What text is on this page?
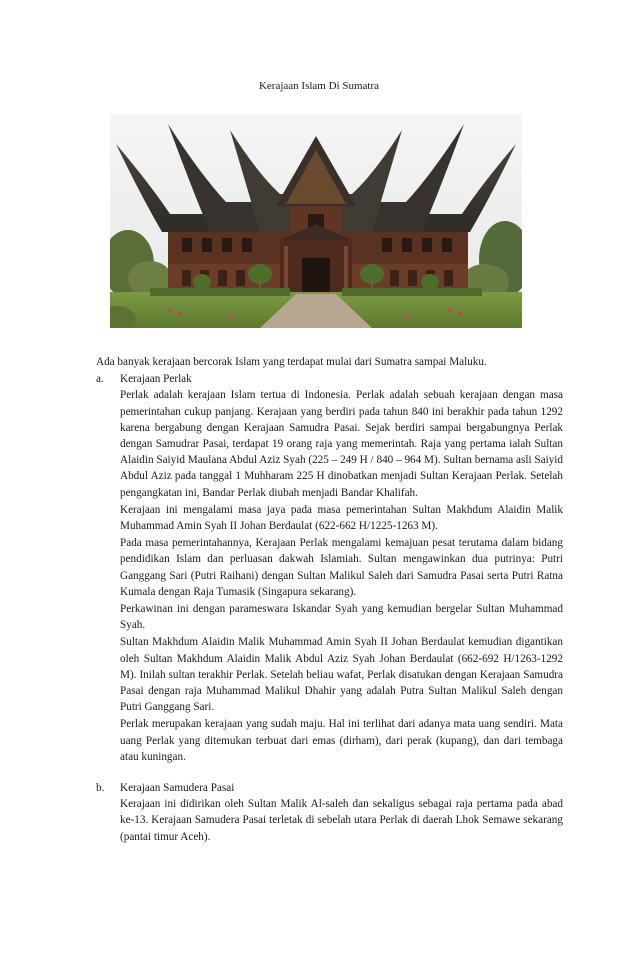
Kerajaan Islam Di Sumatra

Ada banyak kerajaan bercorak Islam yang terdapat mulai dari Sumatra sampai Maluku.

a. Kerajaan Perlak

Perlak adalah kerajaan Islam tertua di Indonesia. Perlak adalah sebuah kerajaan dengan masa pemerintahan cukup panjang. Kerajaan yang berdiri pada tahun 840 ini berakhir pada tahun 1292 karena bergabung dengan Kerajaan Samudra Pasai. Sejak berdiri sampai bergabungnya Perlak dengan Samudrar Pasai, terdapat 19 orang raja yang memerintah. Raja yang pertama ialah Sultan Alaidin Saiyid Maulana Abdul Aziz Syah (225 – 249 H / 840 – 964 M). Sultan bernama asli Saiyid Abdul Aziz pada tanggal 1 Muhharam 225 H dinobatkan menjadi Sultan Kerajaan Perlak. Setelah pengangkatan ini, Bandar Perlak diubah menjadi Bandar Khalifah.

Kerajaan ini mengalami masa jaya pada masa pemerintahan Sultan Makhdum Alaidin Malik Muhammad Amin Syah II Johan Berdaulat (622-662 H/1225-1263 M).

Pada masa pemerintahannya, Kerajaan Perlak mengalami kemajuan pesat terutama dalam bidang pendidikan Islam dan perluasan dakwah Islamiah. Sultan mengawinkan dua putrinya: Putri Ganggang Sari (Putri Raihani) dengan Sultan Malikul Saleh dari Samudra Pasai serta Putri Ratna Kumala dengan Raja Tumasik (Singapura sekarang).

Perkawinan ini dengan parameswara Iskandar Syah yang kemudian bergelar Sultan Muhammad Syah.

Sultan Makhdum Alaidin Malik Muhammad Amin Syah II Johan Berdaulat kemudian digantikan oleh Sultan Makhdum Alaidin Malik Abdul Aziz Syah Johan Berdaulat (662-692 H/1263-1292 M). Inilah sultan terakhir Perlak. Setelah beliau wafat, Perlak disatukan dengan Kerajaan Samudra Pasai dengan raja Muhammad Malikul Dhahir yang adalah Putra Sultan Malikul Saleh dengan Putri Ganggang Sari.

Perlak merupakan kerajaan yang sudah maju. Hal ini terlihat dari adanya mata uang sendiri. Mata uang Perlak yang ditemukan terbuat dari emas (dirham), dari perak (kupang), dan dari tembaga atau kuningan.

b. Kerajaan Samudera Pasai

Kerajaan ini didirikan oleh Sultan Malik Al-saleh dan sekaligus sebagai raja pertama pada abad ke-13. Kerajaan Samudera Pasai terletak di sebelah utara Perlak di daerah Lhok Semawe sekarang (pantai timur Aceh).
